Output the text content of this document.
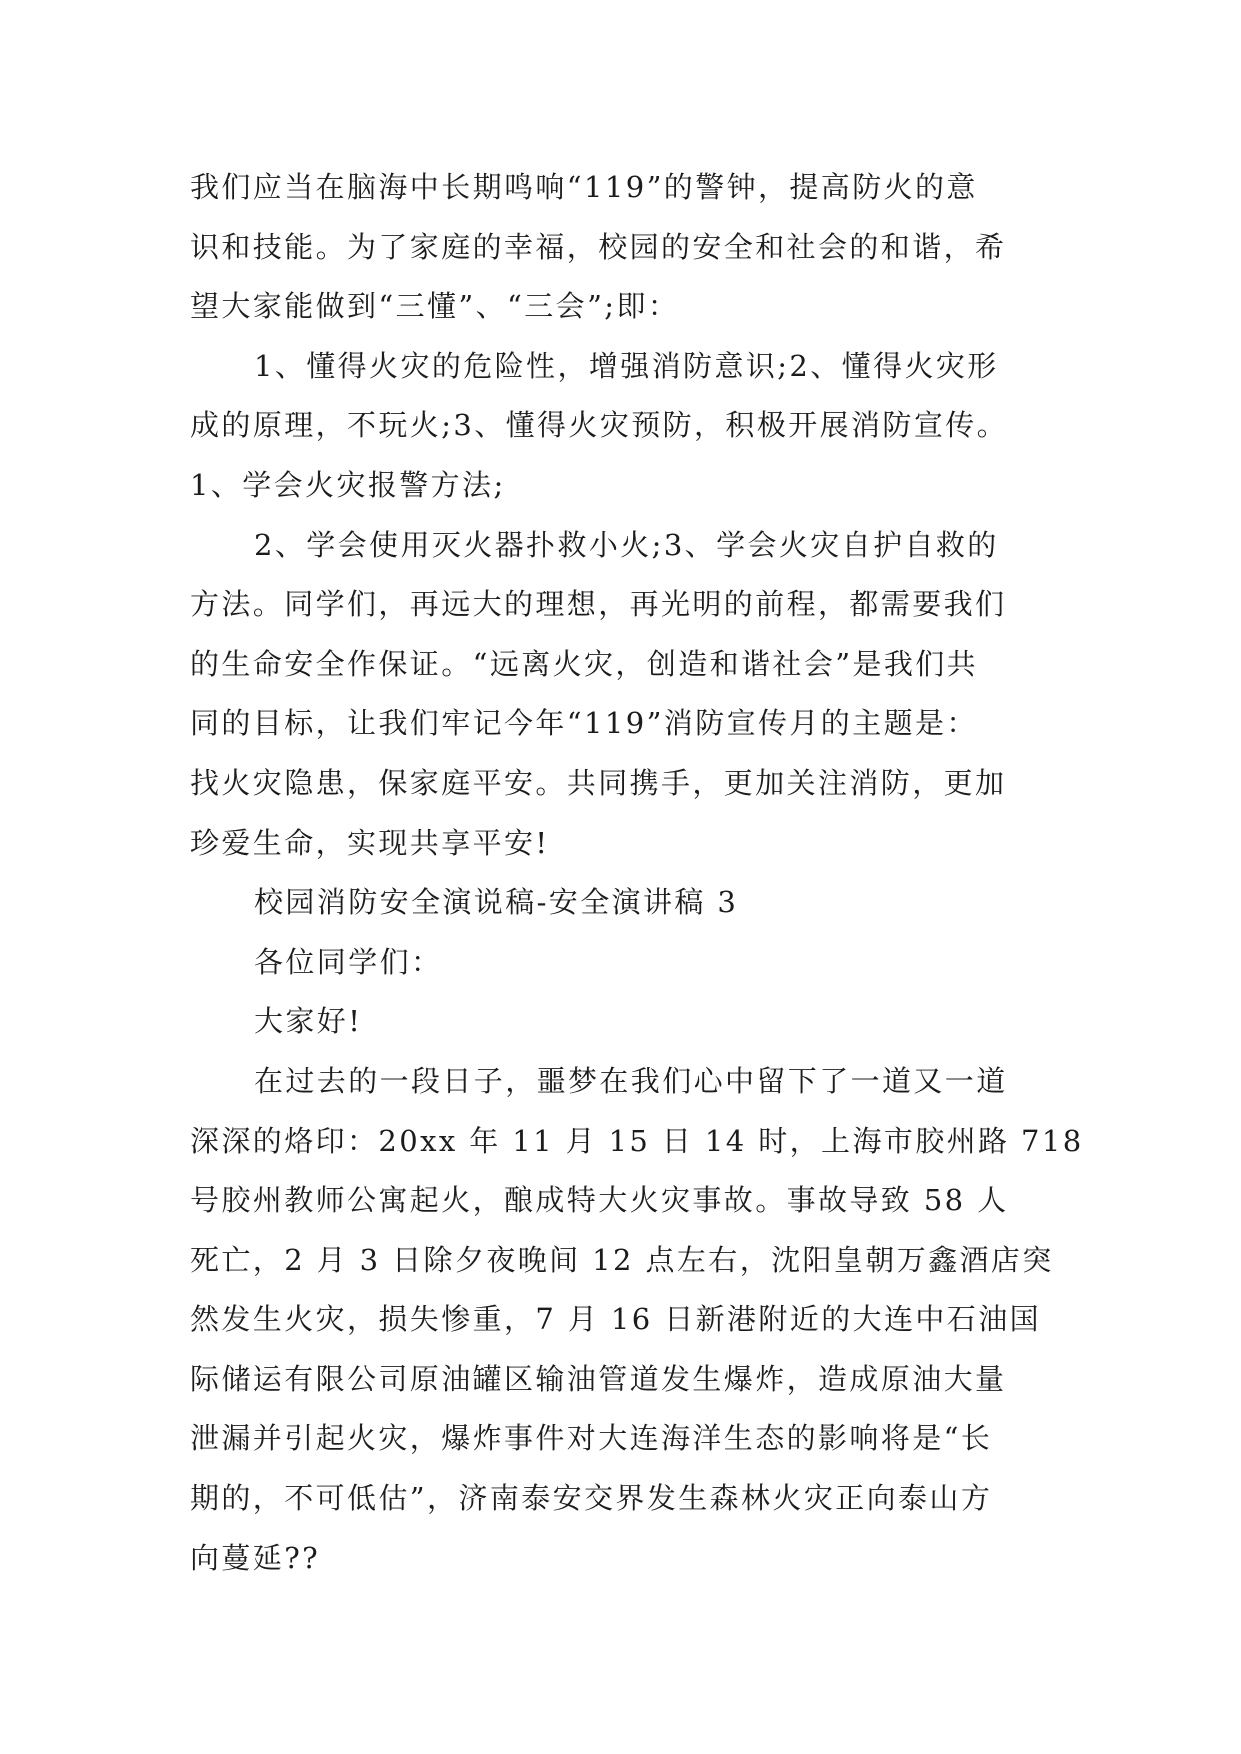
我们应当在脑海中长期鸣响“119”的警钟，提高防火的意
识和技能。为了家庭的幸福，校园的安全和社会的和谐，希
望大家能做到“三懂”、“三会”;即：
1、懂得火灾的危险性，增强消防意识;2、懂得火灾形
成的原理，不玩火;3、懂得火灾预防，积极开展消防宣传。
1、学会火灾报警方法;
2、学会使用灭火器扑救小火;3、学会火灾自护自救的
方法。同学们，再远大的理想，再光明的前程，都需要我们
的生命安全作保证。“远离火灾，创造和谐社会”是我们共
同的目标，让我们牢记今年“119”消防宣传月的主题是：
找火灾隐患，保家庭平安。共同携手，更加关注消防，更加
珍爱生命，实现共享平安!
校园消防安全演说稿-安全演讲稿 3
各位同学们：
大家好!
在过去的一段日子，噩梦在我们心中留下了一道又一道
深深的烙印：20xx 年 11 月 15 日 14 时，上海市胶州路 718
号胶州教师公寓起火，酿成特大火灾事故。事故导致 58 人
死亡，2 月 3 日除夕夜晚间 12 点左右，沈阳皇朝万鑫酒店突
然发生火灾，损失惨重，7 月 16 日新港附近的大连中石油国
际储运有限公司原油罐区输油管道发生爆炸，造成原油大量
泄漏并引起火灾，爆炸事件对大连海洋生态的影响将是“长
期的，不可低估”，济南泰安交界发生森林火灾正向泰山方
向蔓延??
